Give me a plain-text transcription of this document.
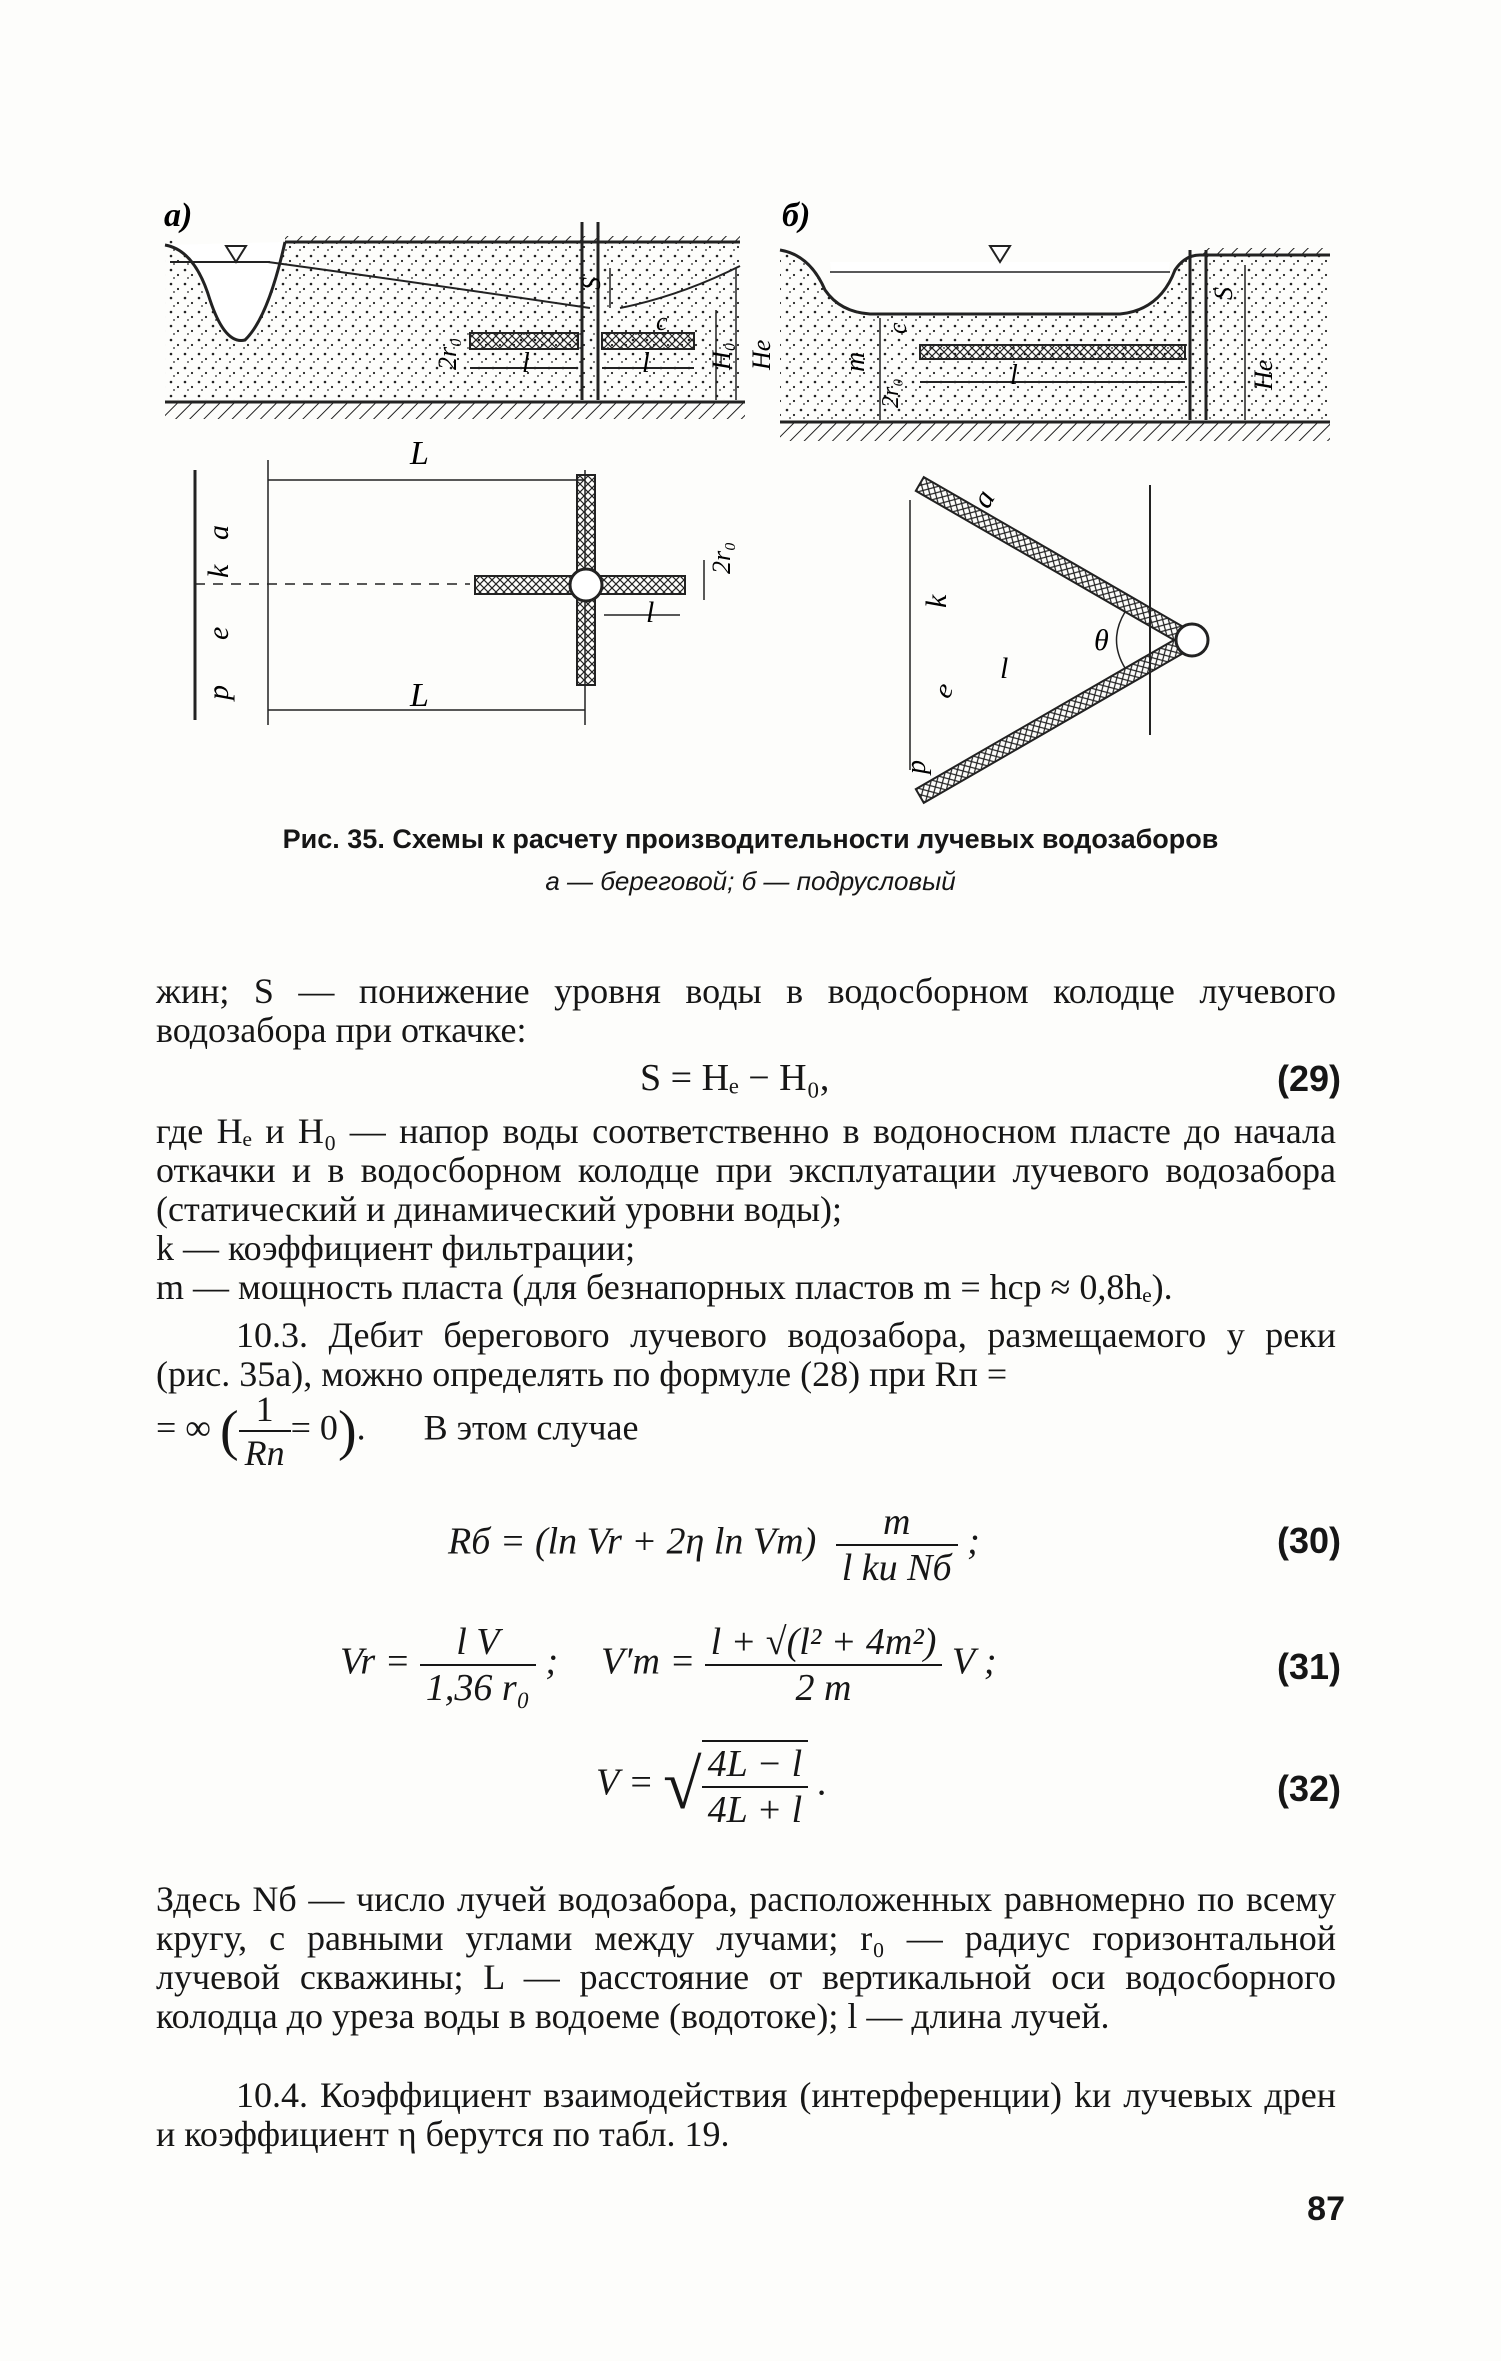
а)
S
c
2r₀ l	l H₀ He
L
L
l
2r₀
а
k
е
р
б)
S
c
m
2r₀
l	He
а
k
е
р
l
θ
Рис. 35. Схемы к расчету производительности лучевых водозаборов
а — береговой; б — подрусловый
жин; S — понижение уровня воды в водосборном колодце лучевого водозабора при откачке:
S = Hₑ − H₀,	(29)
где Hₑ и H₀ — напор воды соответственно в водоносном пласте до начала откачки и в водосборном колодце при эксплуатации лучевого водозабора (статический и динамический уровни воды);
k — коэффициент фильтрации;
m — мощность пласта (для безнапорных пластов m = hср ≈ 0,8hₑ).
10.3. Дебит берегового лучевого водозабора, размещаемого у реки (рис. 35а), можно определять по формуле (28) при Rп =
= ∞ ( $\frac{1}{Rп} = 0$).  В этом случае
Rб = (ln Vr + 2η $\ln Vт) \frac{m}{\text{l kи Nб}}$ ;	(30)
$Vr = \frac{\text{l V}}{\text{1,36 r₀}}$ ;  $V'т = \frac{\text{l + √(l² + 4m²)}}{2 m}$ V ;	(31)
V = √ $\frac{4L - l}{4L + l}$ .	(32)
Здесь Nб — число лучей водозабора, расположенных равномерно по всему кругу, с равными углами между лучами; r₀ — радиус горизонтальной лучевой скважины; L — расстояние от вертикальной оси водосборного колодца до уреза воды в водоеме (водотоке); l — длина лучей.
10.4. Коэффициент взаимодействия (интерференции) kи лучевых дрен и коэффициент η берутся по табл. 19.
87
